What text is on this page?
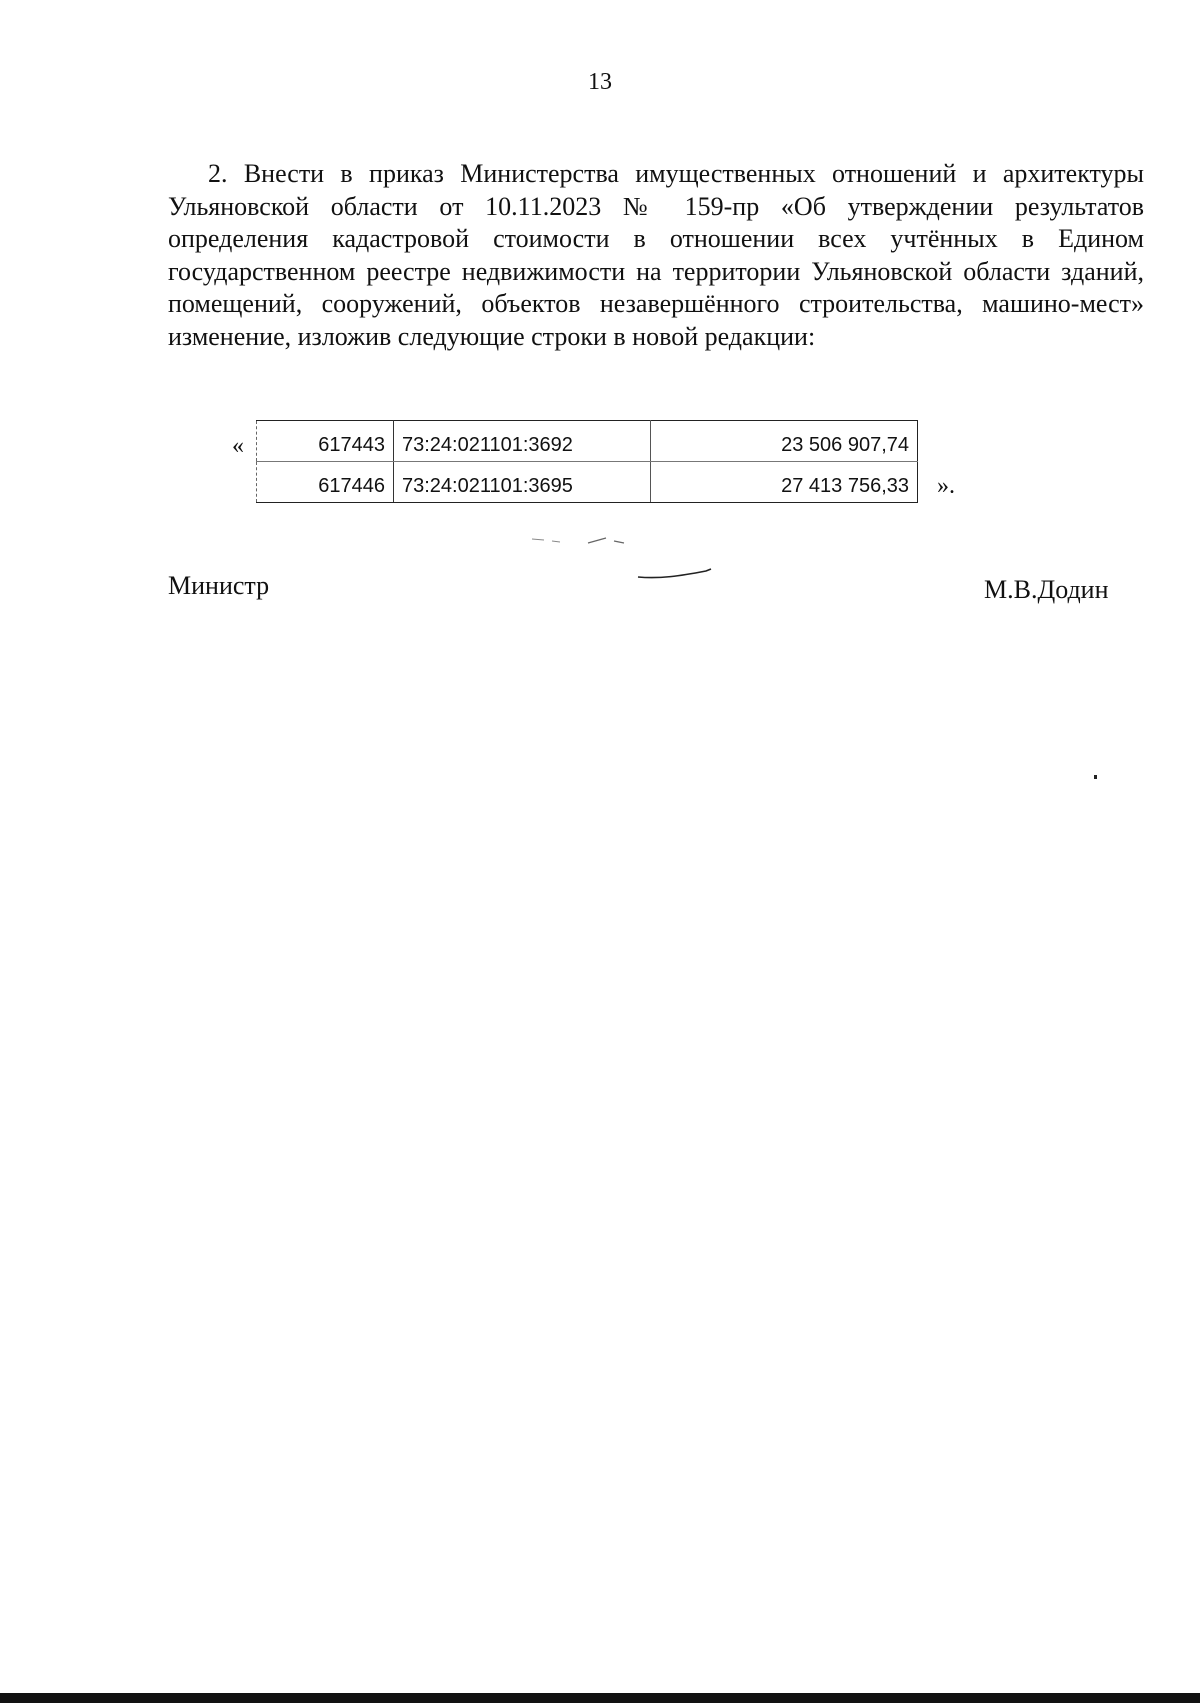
13

2. Внести в приказ Министерства имущественных отношений и архитектуры Ульяновской области от 10.11.2023 № 159-пр «Об утверждении результатов определения кадастровой стоимости в отношении всех учтённых в Едином государственном реестре недвижимости на территории Ульяновской области зданий, помещений, сооружений, объектов незавершённого строительства, машино-мест» изменение, изложив следующие строки в новой редакции:

«	617443	73:24:021101:3692	23 506 907,74
617446	73:24:021101:3695	27 413 756,33 ».
Министр	М.В.Додин
